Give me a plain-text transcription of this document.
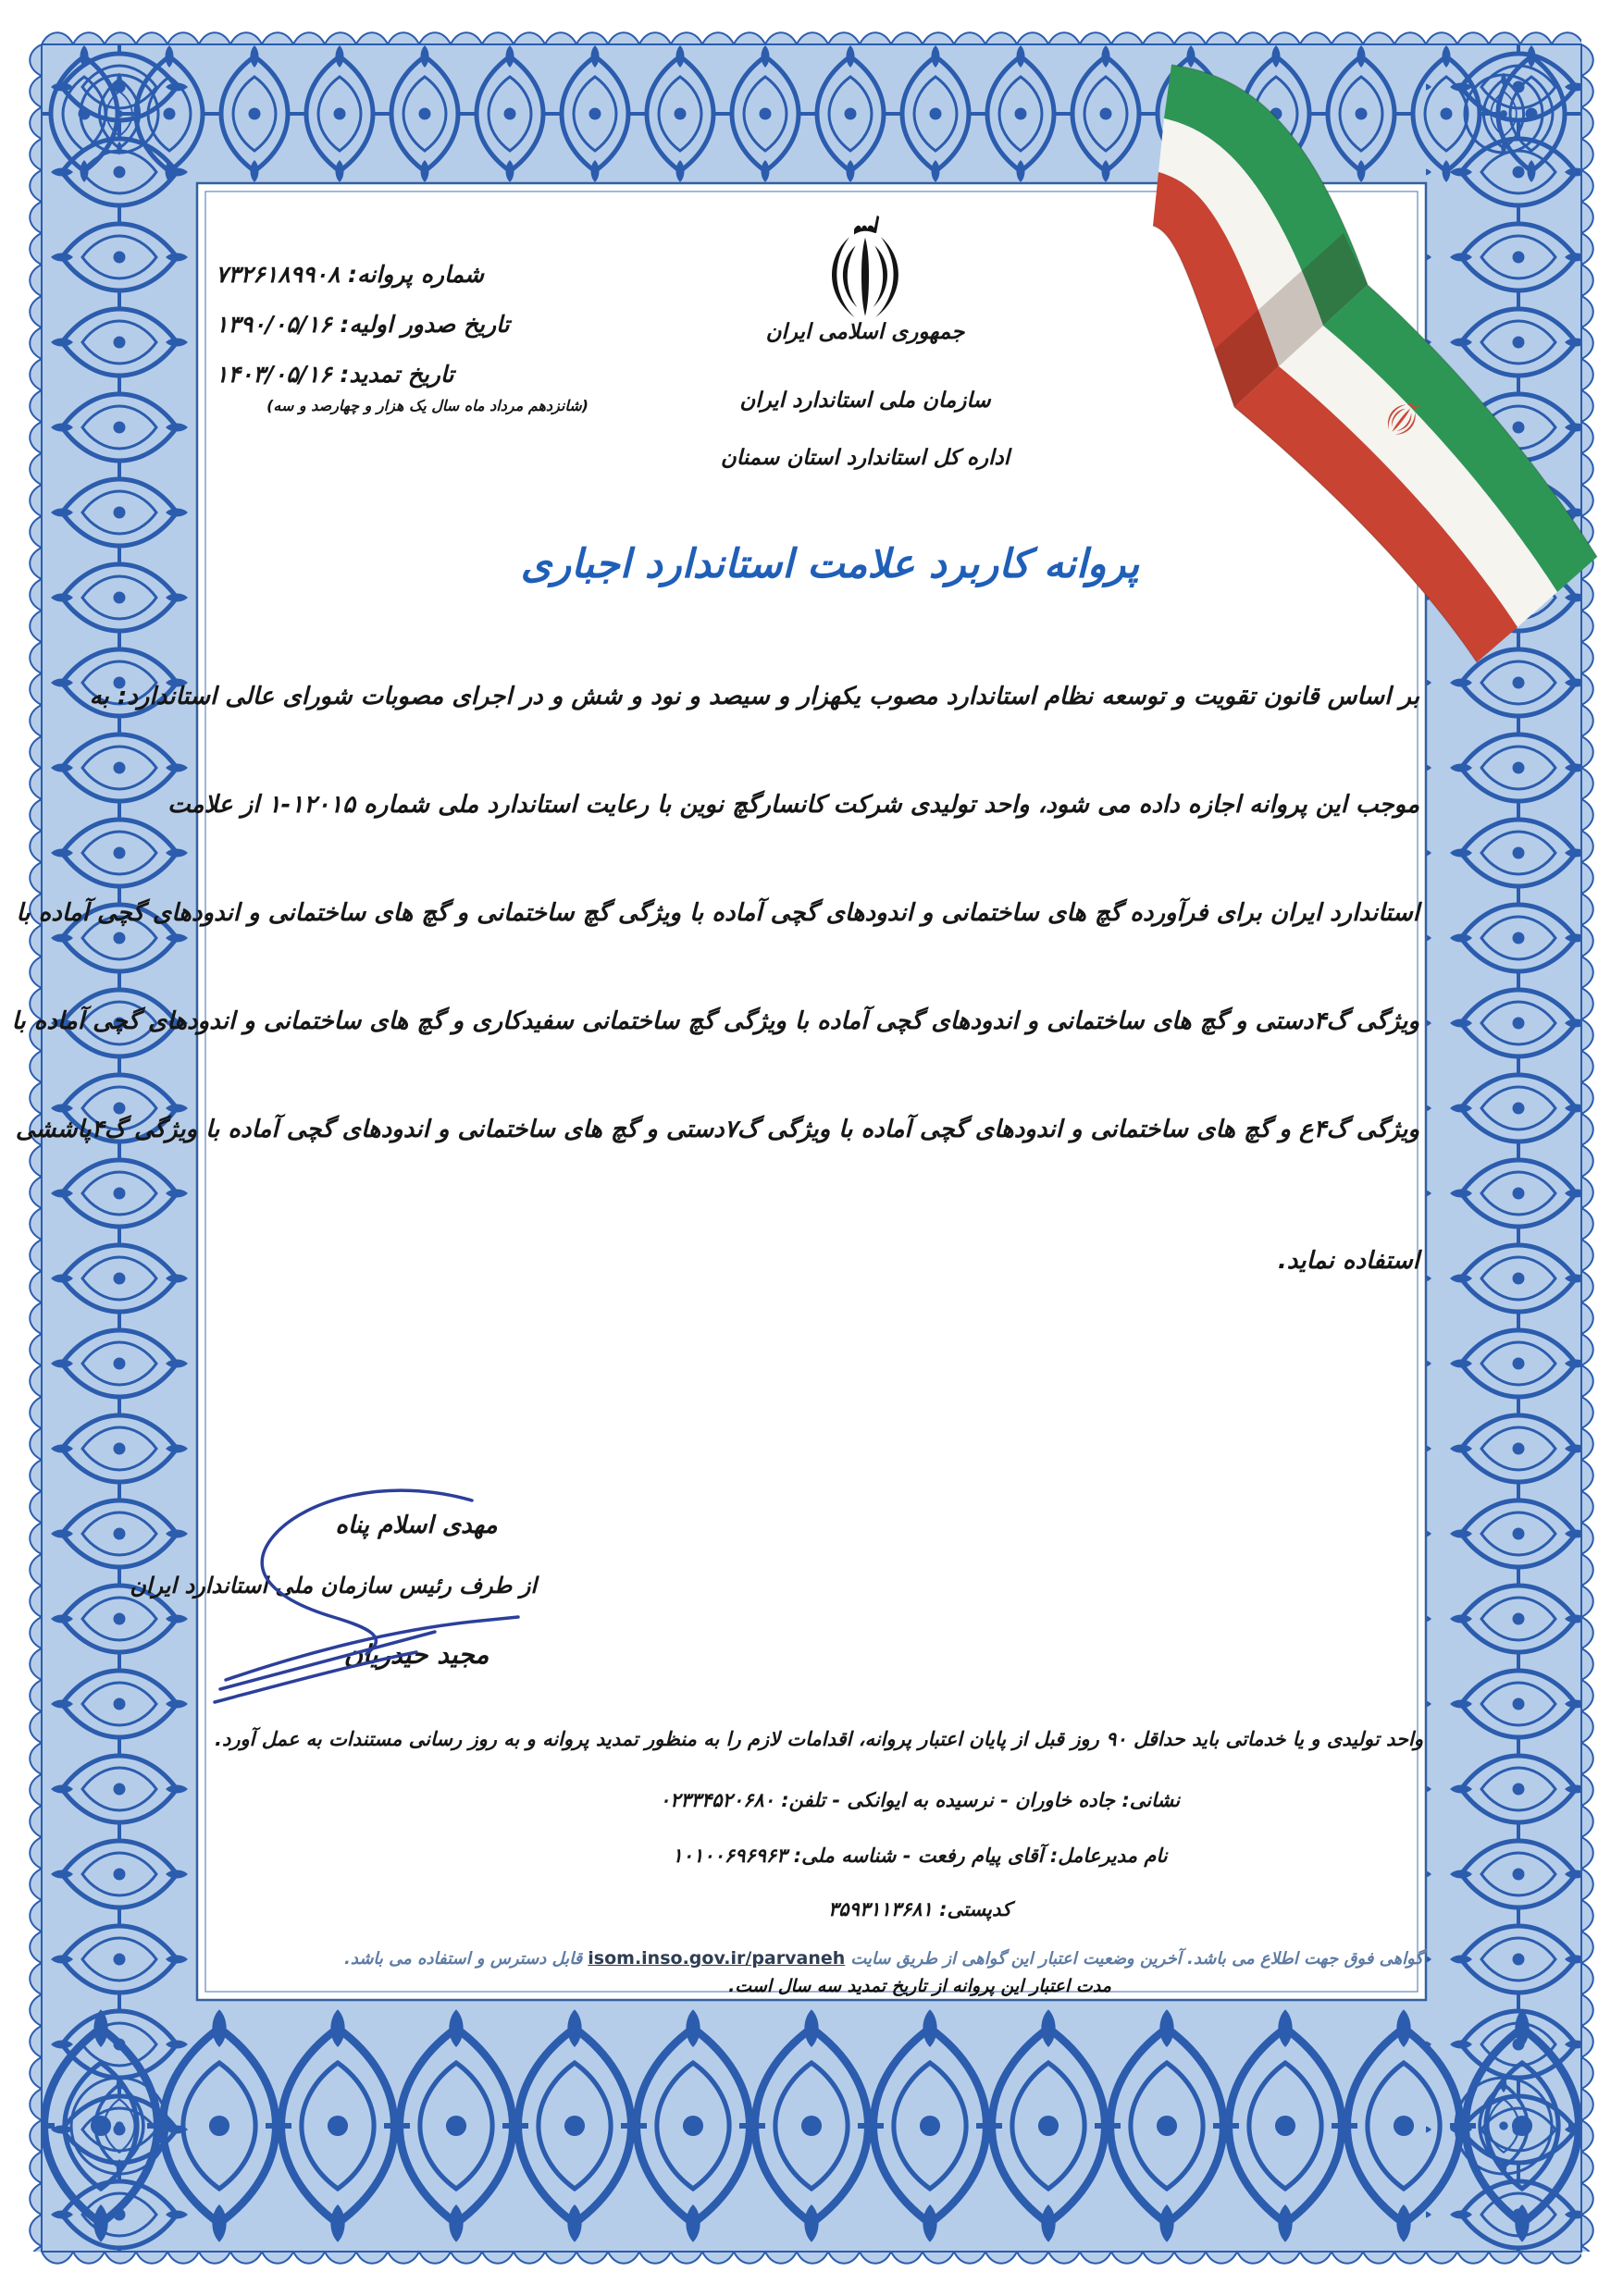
شماره پروانه: ۷۳۲۶۱۸۹۹۰۸
تاریخ صدور اولیه: ۱۳۹۰/۰۵/۱۶
تاریخ تمدید: ۱۴۰۳/۰۵/۱۶
(شانزدهم مرداد ماه سال یک هزار و چهارصد و سه)
جمهوری اسلامی ایران
سازمان ملی استاندارد ایران
اداره کل استاندارد استان سمنان
پروانه کاربرد علامت استاندارد اجباری
بر اساس قانون تقویت و توسعه نظام استاندارد مصوب یکهزار و سیصد و نود و شش و در اجرای مصوبات شورای عالی استاندارد: به
موجب این پروانه اجازه داده می شود، واحد تولیدی شرکت کانسارگچ نوین با رعایت استاندارد ملی شماره ۱۲۰۱۵-۱ از علامت
استاندارد ایران برای فرآورده گچ های ساختمانی و اندودهای گچی آماده با ویژگی گچ ساختمانی و گچ های ساختمانی و اندودهای گچی آماده با
ویژگی گ۴دستی و گچ های ساختمانی و اندودهای گچی آماده با ویژگی گچ ساختمانی سفیدکاری و گچ های ساختمانی و اندودهای گچی آماده با
ویژگی گ۴ع و گچ های ساختمانی و اندودهای گچی آماده با ویژگی گ۷دستی و گچ های ساختمانی و اندودهای گچی آماده با ویژگی گ۴پاششی
استفاده نماید.
مهدی اسلام پناه
از طرف رئیس سازمان ملی استاندارد ایران
مجید حیدریان
واحد تولیدی و یا خدماتی باید حداقل ۹۰ روز قبل از پایان اعتبار پروانه، اقدامات لازم را به منظور تمدید پروانه و به روز رسانی مستندات به عمل آورد.
نشانی: جاده خاوران - نرسیده به ایوانکی - تلفن: ۰۲۳۳۴۵۲۰۶۸۰
نام مدیرعامل: آقای پیام رفعت - شناسه ملی: ۱۰۱۰۰۶۹۶۹۶۳
کدپستی: ۳۵۹۳۱۱۳۶۸۱
گواهی فوق جهت اطلاع می باشد. آخرین وضعیت اعتبار این گواهی از طریق سایتisom.inso.gov.ir/parvanehقابل دسترس و استفاده می باشد.
مدت اعتبار این پروانه از تاریخ تمدید سه سال است.
